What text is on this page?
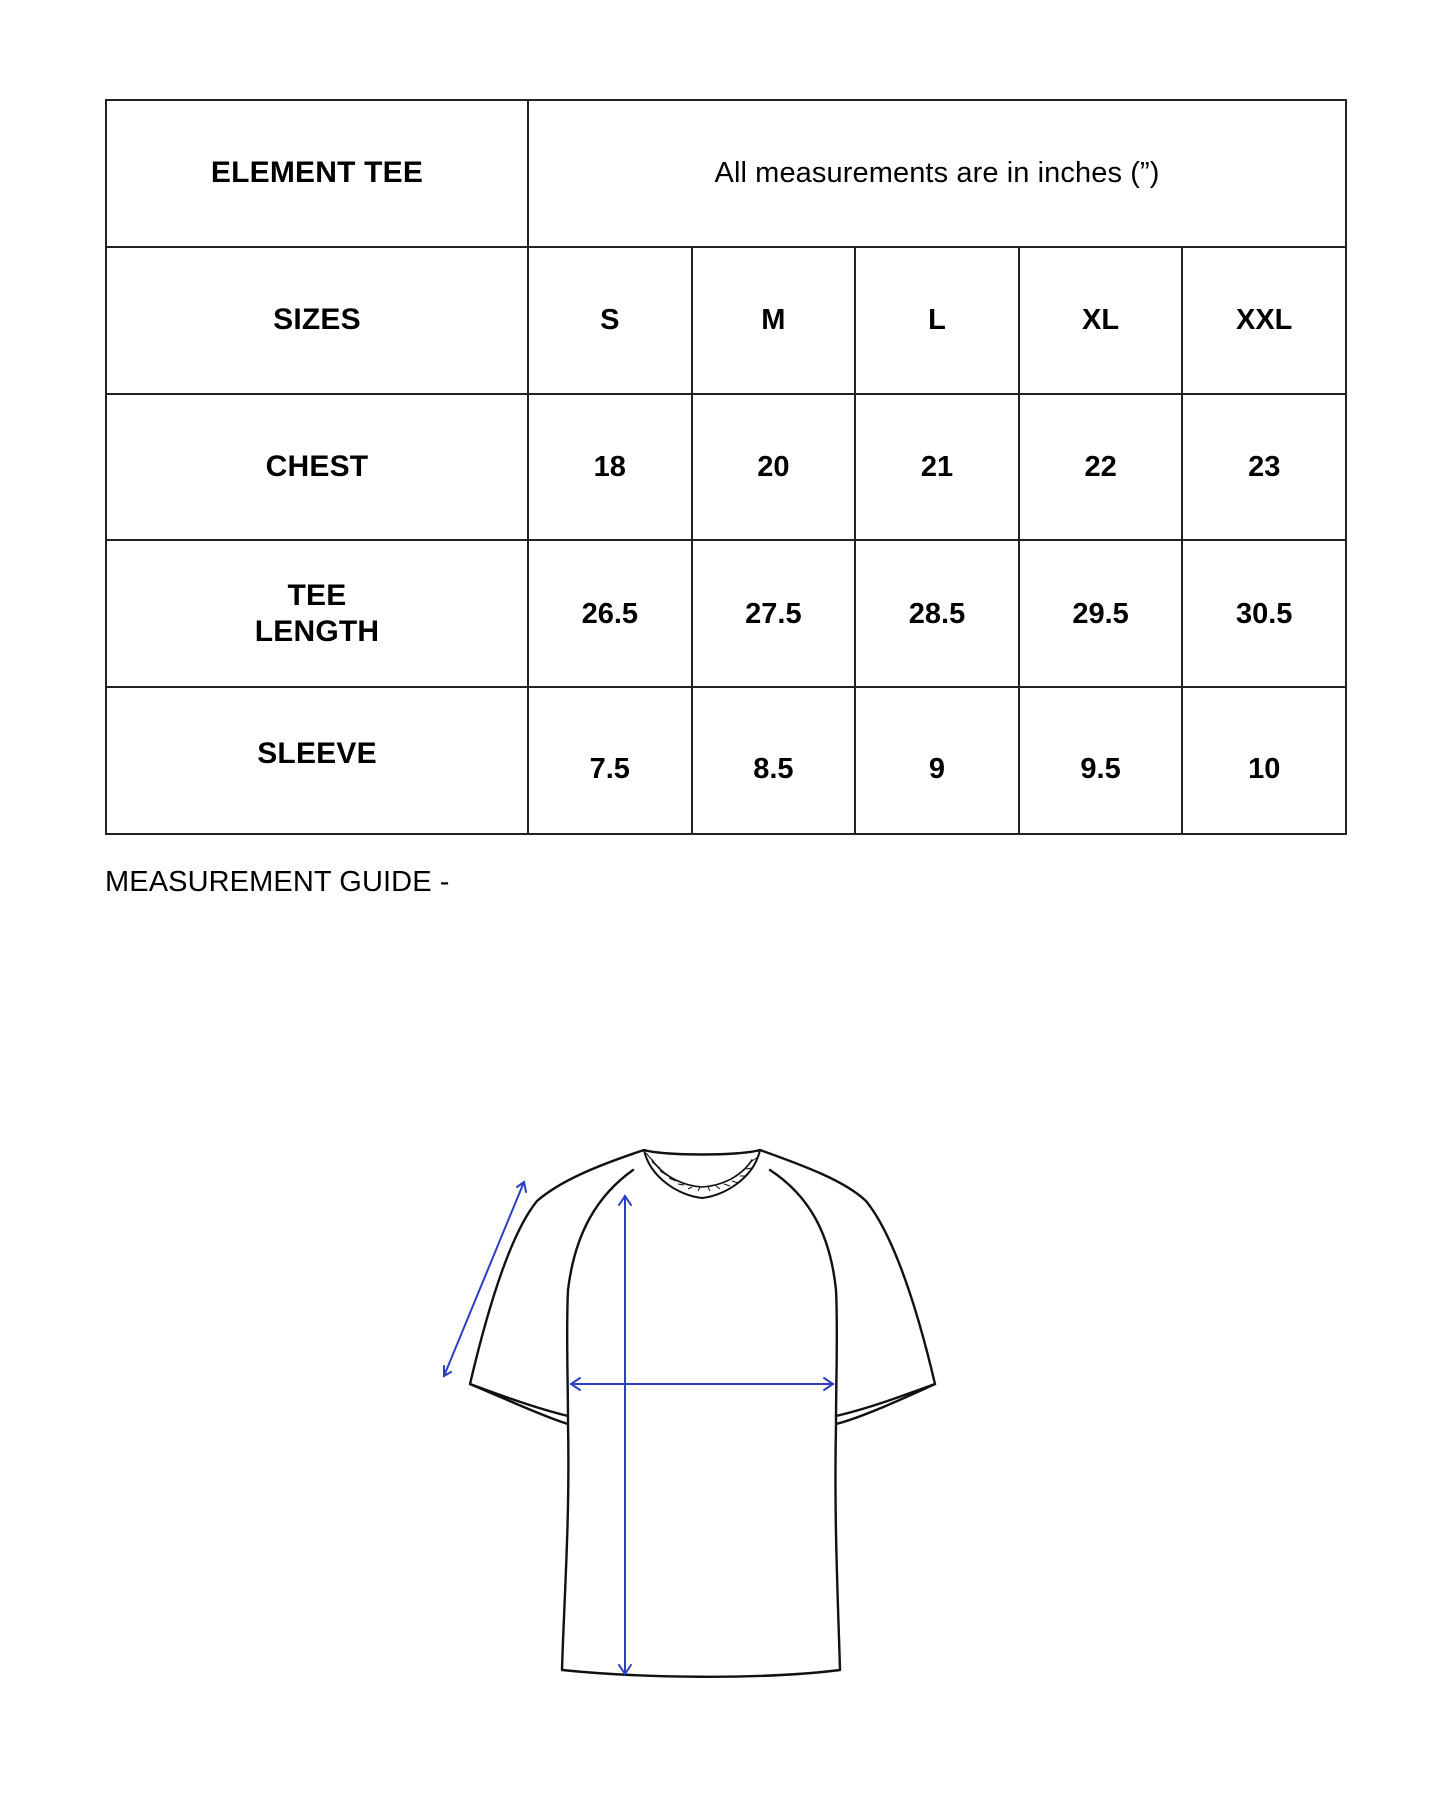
ELEMENT TEE	All measurements are in inches (”)				
SIZES	S	M	L	XL	XXL
CHEST	18	20	21	22	23
TEE LENGTH	26.5	27.5	28.5	29.5	30.5
SLEEVE	7.5	8.5	9	9.5	10

MEASUREMENT GUIDE -
